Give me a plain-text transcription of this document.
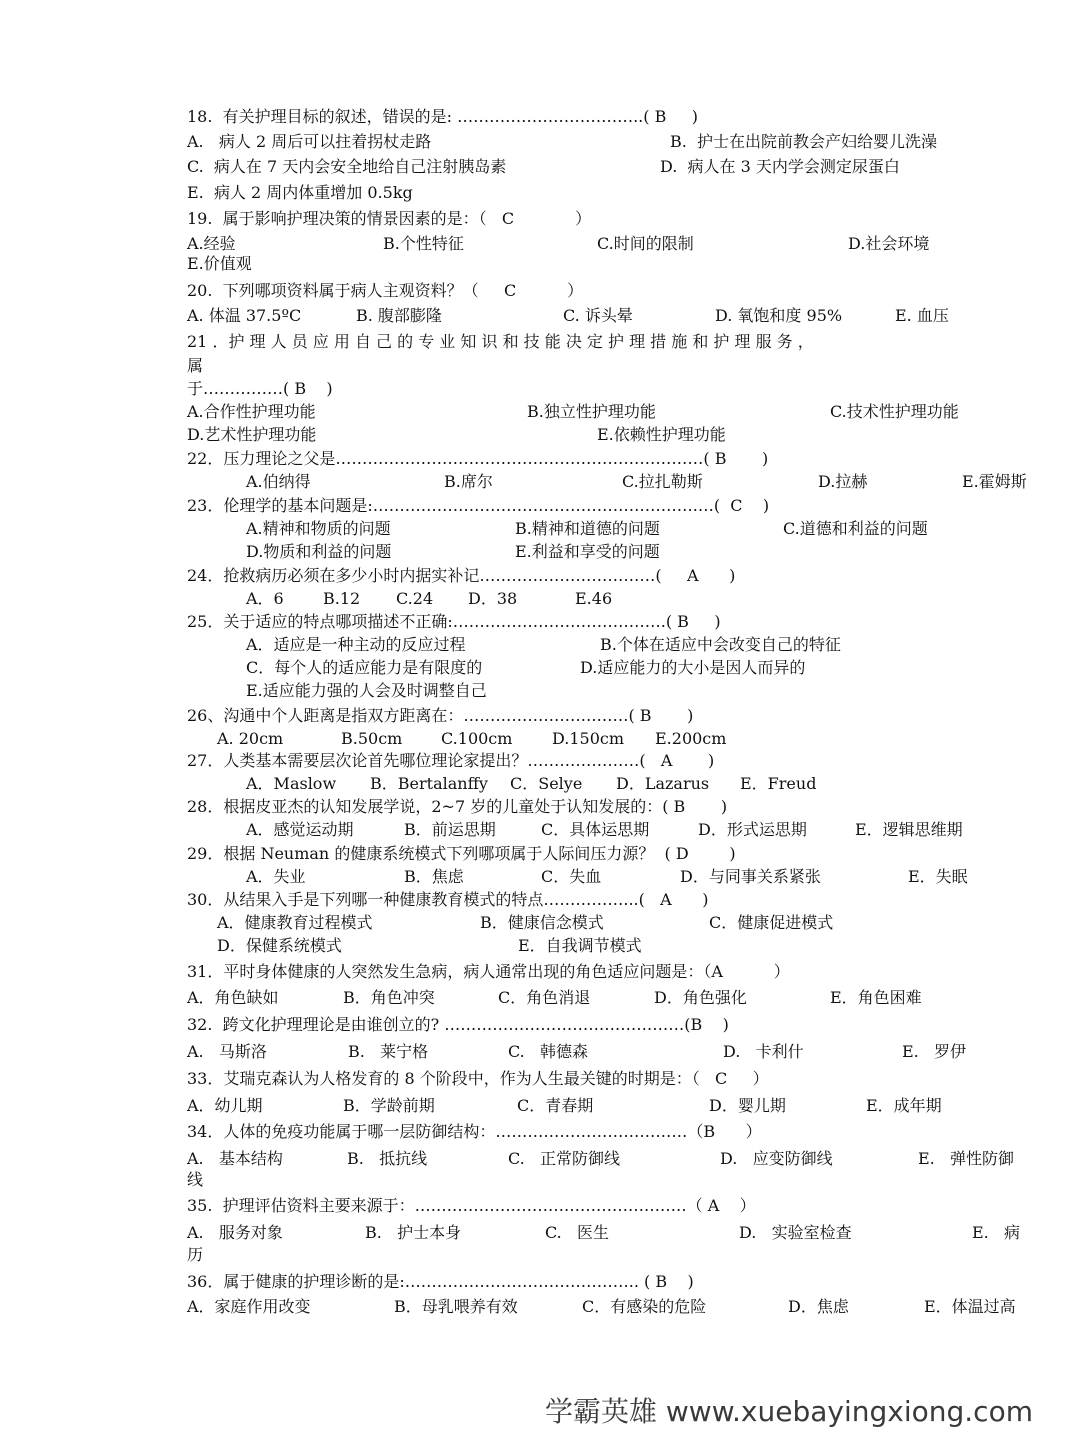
18.  有关护理目标的叙述，错误的是: ……………………………..( B     )
A.   病人 2 周后可以拄着拐杖走路	B.  护士在出院前教会产妇给婴儿洗澡
C.  病人在 7 天内会安全地给自己注射胰岛素	D.  病人在 3 天内学会测定尿蛋白
E.  病人 2 周内体重增加 0.5kg
19.  属于影响护理决策的情景因素的是：（   C            ）
A.经验	B.个性特征	C.时间的限制	D.社会环境
E.价值观
20.  下列哪项资料属于病人主观资料？（     C          ）
A. 体温 37.5ºC	B. 腹部膨隆	C. 诉头晕	D. 氧饱和度 95%	E. 血压
21 ．护 理 人 员 应 用 自 己 的 专 业 知 识 和 技 能 决 定 护 理 措 施 和 护 理 服 务 ，
属
于……………( B    )
A.合作性护理功能	B.独立性护理功能	C.技术性护理功能
D.艺术性护理功能	E.依赖性护理功能
22．压力理论之父是……………………………………………………………( B       )
A.伯纳得	B.席尔	C.拉扎勒斯	D.拉赫	E.霍姆斯
23．伦理学的基本问题是:…………………………………………………….…(  C    )
A.精神和物质的问题	B.精神和道德的问题	C.道德和利益的问题
D.物质和利益的问题	E.利益和享受的问题
24．抢救病历必须在多少小时内据实补记……………………………(     A      )
A．6 B.12 C.24 D．38	E.46
25．关于适应的特点哪项描述不正确:………………………………….( B     )
A．适应是一种主动的反应过程	B.个体在适应中会改变自己的特征
C．每个人的适应能力是有限度的	D.适应能力的大小是因人而异的
E.适应能力强的人会及时调整自己
26、沟通中个人距离是指双方距离在：…………………….……( B       )
A. 20cm	B.50cm C.100cm D.150cm E.200cm
27．人类基本需要层次论首先哪位理论家提出？…………………(   A       )
A．Maslow B．Bertalanffy C．Selye D．Lazarus E．Freud
28．根据皮亚杰的认知发展学说，2~7 岁的儿童处于认知发展的：( B       )
A．感觉运动期	B．前运思期	C．具体运思期	D．形式运思期	E．逻辑思维期
29．根据 Neuman 的健康系统模式下列哪项属于人际间压力源？  ( D        )
A．失业	B．焦虑	C．失血	D．与同事关系紧张	E．失眠
30．从结果入手是下列哪一种健康教育模式的特点……………...(   A      )
A．健康教育过程模式	B．健康信念模式	C．健康促进模式
D．保健系统模式	E．自我调节模式
31．平时身体健康的人突然发生急病，病人通常出现的角色适应问题是：（A          ）
A．角色缺如	B．角色冲突	C．角色消退	D．角色强化	E．角色困难
32.  跨文化护理理论是由谁创立的? ………………………………………(B    )
A.   马斯洛	B.   莱宁格	C.   韩德森	D.   卡利什	E.   罗伊
33．艾瑞克森认为人格发育的 8 个阶段中，作为人生最关键的时期是：（   C     ）
A．幼儿期	B．学龄前期	C．青春期	D．婴儿期	E．成年期
34．人体的免疫功能属于哪一层防御结构：………………………………（B      ）
A.   基本结构	B.   抵抗线	C.   正常防御线	D.   应变防御线	E.   弹性防御
线
35.  护理评估资料主要来源于：……………………………………………（ A    ）
A.   服务对象	B.   护士本身	C.   医生	D.   实验室检查	E.   病
历
36．属于健康的护理诊断的是:…………………………………….. ( B    )
A．家庭作用改变	B．母乳喂养有效	C．有感染的危险	D．焦虑	E．体温过高
学霸英雄 www.xuebayingxiong.com
